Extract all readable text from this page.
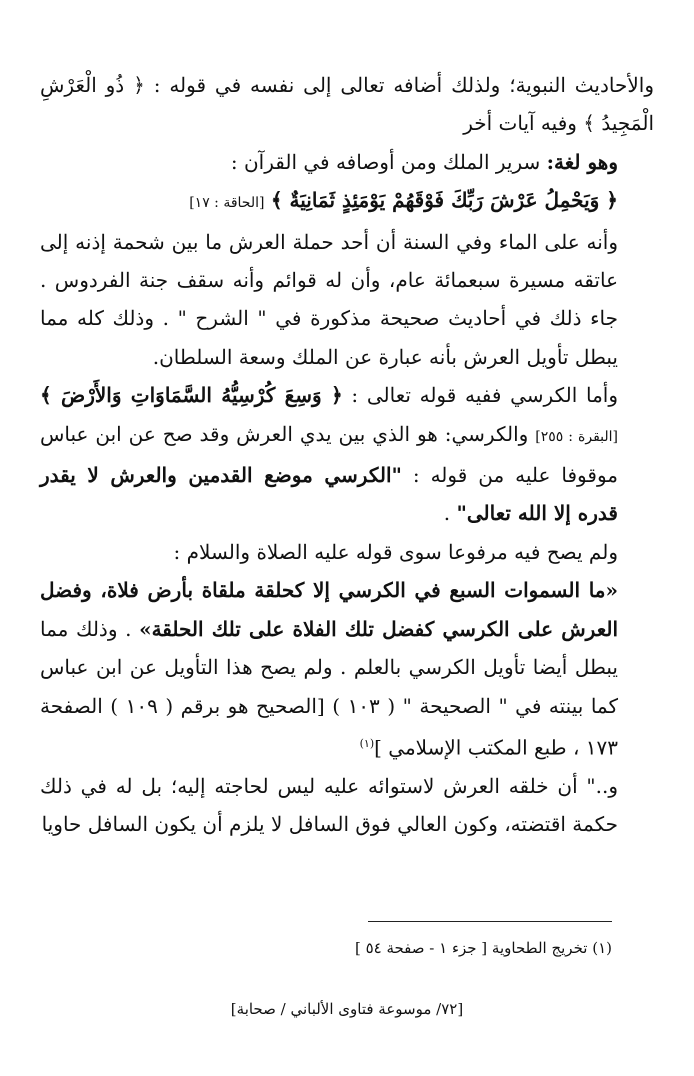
والأحاديث النبوية؛ ولذلك أضافه تعالى إلى نفسه في قوله : ﴿ ذُو الْعَرْشِ الْمَجِيدُ ﴾ وفيه آيات أخر

وهو لغة: سرير الملك ومن أوصافه في القرآن :

﴿ وَيَحْمِلُ عَرْشَ رَبِّكَ فَوْقَهُمْ يَوْمَئِذٍ ثَمَانِيَةٌ ﴾ [الحاقة : ١٧]

وأنه على الماء وفي السنة أن أحد حملة العرش ما بين شحمة إذنه إلى عاتقه مسيرة سبعمائة عام، وأن له قوائم وأنه سقف جنة الفردوس . جاء ذلك في أحاديث صحيحة مذكورة في " الشرح " . وذلك كله مما يبطل تأويل العرش بأنه عبارة عن الملك وسعة السلطان.

وأما الكرسي ففيه قوله تعالى : ﴿ وَسِعَ كُرْسِيُّهُ السَّمَاوَاتِ وَالأَرْضَ ﴾ [البقرة : ٢٥٥] والكرسي: هو الذي بين يدي العرش وقد صح عن ابن عباس موقوفا عليه من قوله : "الكرسي موضع القدمين والعرش لا يقدر قدره إلا الله تعالى" .

ولم يصح فيه مرفوعا سوى قوله عليه الصلاة والسلام :

«ما السموات السبع في الكرسي إلا كحلقة ملقاة بأرض فلاة، وفضل العرش على الكرسي كفضل تلك الفلاة على تلك الحلقة» . وذلك مما يبطل أيضا تأويل الكرسي بالعلم . ولم يصح هذا التأويل عن ابن عباس كما بينته في " الصحيحة " ( ١٠٣ ) [الصحيح هو برقم ( ١٠٩ ) الصفحة ١٧٣ ، طبع المكتب الإسلامي ]$^{(١)}$

و.." أن خلقه العرش لاستوائه عليه ليس لحاجته إليه؛ بل له في ذلك حكمة اقتضته، وكون العالي فوق السافل لا يلزم أن يكون السافل حاويا

(١) تخريج الطحاوية [ جزء ١ - صفحة ٥٤ ]
[٧٢/ موسوعة فتاوى الألباني / صحابة]
